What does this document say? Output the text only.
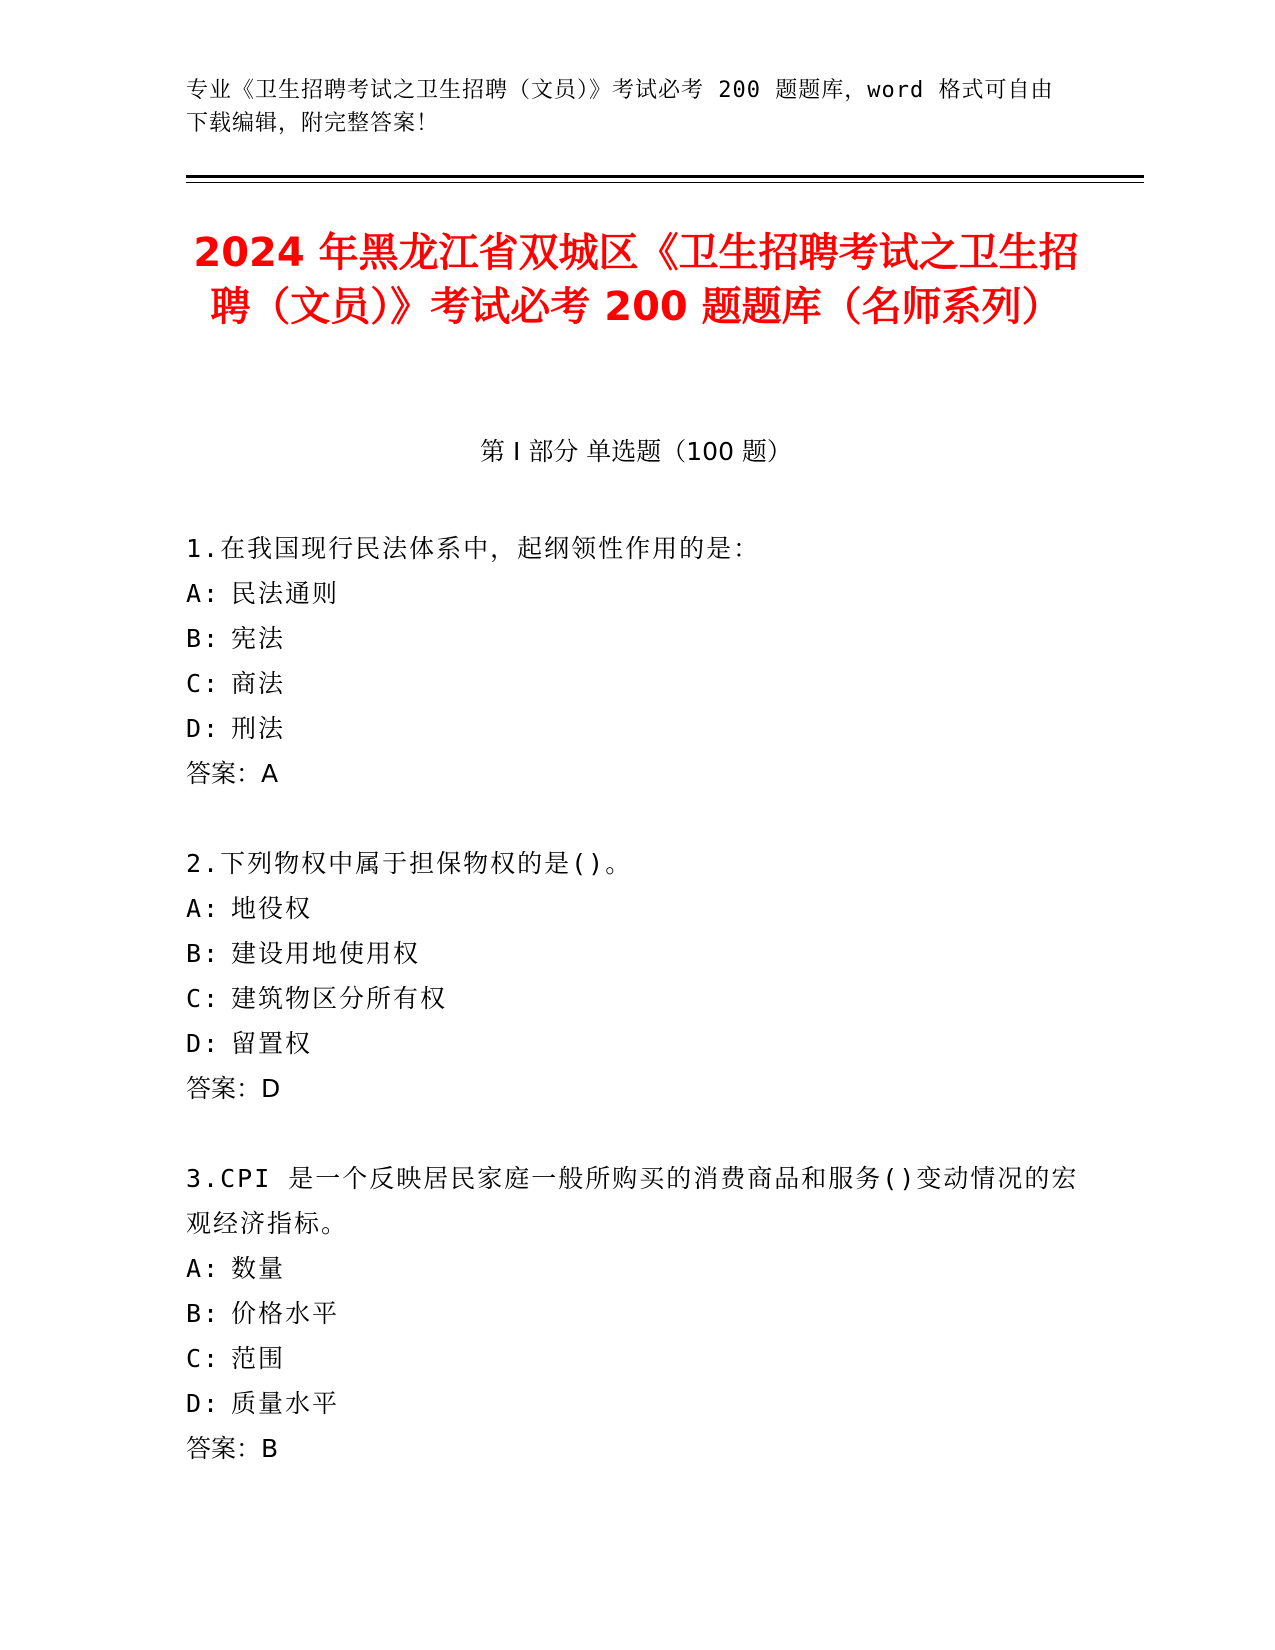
专业《卫生招聘考试之卫生招聘（文员）》考试必考 200 题题库，word 格式可自由下载编辑，附完整答案！
2024 年黑龙江省双城区《卫生招聘考试之卫生招聘（文员）》考试必考 200 题题库（名师系列）
第 I 部分 单选题（100 题）
1.在我国现行民法体系中，起纲领性作用的是：
A: 民法通则
B: 宪法
C: 商法
D: 刑法
答案：A
2.下列物权中属于担保物权的是()。
A: 地役权
B: 建设用地使用权
C: 建筑物区分所有权
D: 留置权
答案：D
3.CPI 是一个反映居民家庭一般所购买的消费商品和服务()变动情况的宏观经济指标。
A: 数量
B: 价格水平
C: 范围
D: 质量水平
答案：B
